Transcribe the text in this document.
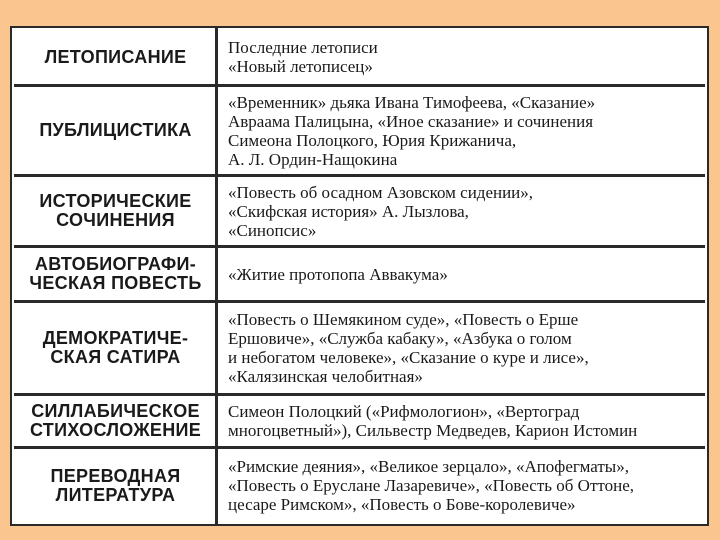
ЛЕТОПИСАНИЕ	Последние летописи
«Новый летописец»
ПУБЛИЦИСТИКА
«Временник» дьяка Ивана Тимофеева, «Сказание»
Авраама Палицына, «Иное сказание» и сочинения
Симеона Полоцкого, Юрия Крижанича,
А. Л. Ордин-Нащокина
ИСТОРИЧЕСКИЕ
СОЧИНЕНИЯ
«Повесть об осадном Азовском сидении»,
«Скифская история» А. Лызлова,
«Синопсис»
АВТОБИОГРАФИ-
ЧЕСКАЯ ПОВЕСТЬ	«Житие протопопа Аввакума»
ДЕМОКРАТИЧЕ-
СКАЯ САТИРА
«Повесть о Шемякином суде», «Повесть о Ерше
Ершовиче», «Служба кабаку», «Азбука о голом
и небогатом человеке», «Сказание о куре и лисе»,
«Калязинская челобитная»
СИЛЛАБИЧЕСКОЕ
СТИХОСЛОЖЕНИЕ
Симеон Полоцкий («Рифмологион», «Вертоград
многоцветный»), Сильвестр Медведев, Карион Истомин
ПЕРЕВОДНАЯ
ЛИТЕРАТУРА
«Римские деяния», «Великое зерцало», «Апофегматы»,
«Повесть о Еруслане Лазаревиче», «Повесть об Оттоне,
цесаре Римском», «Повесть о Бове-королевиче»
